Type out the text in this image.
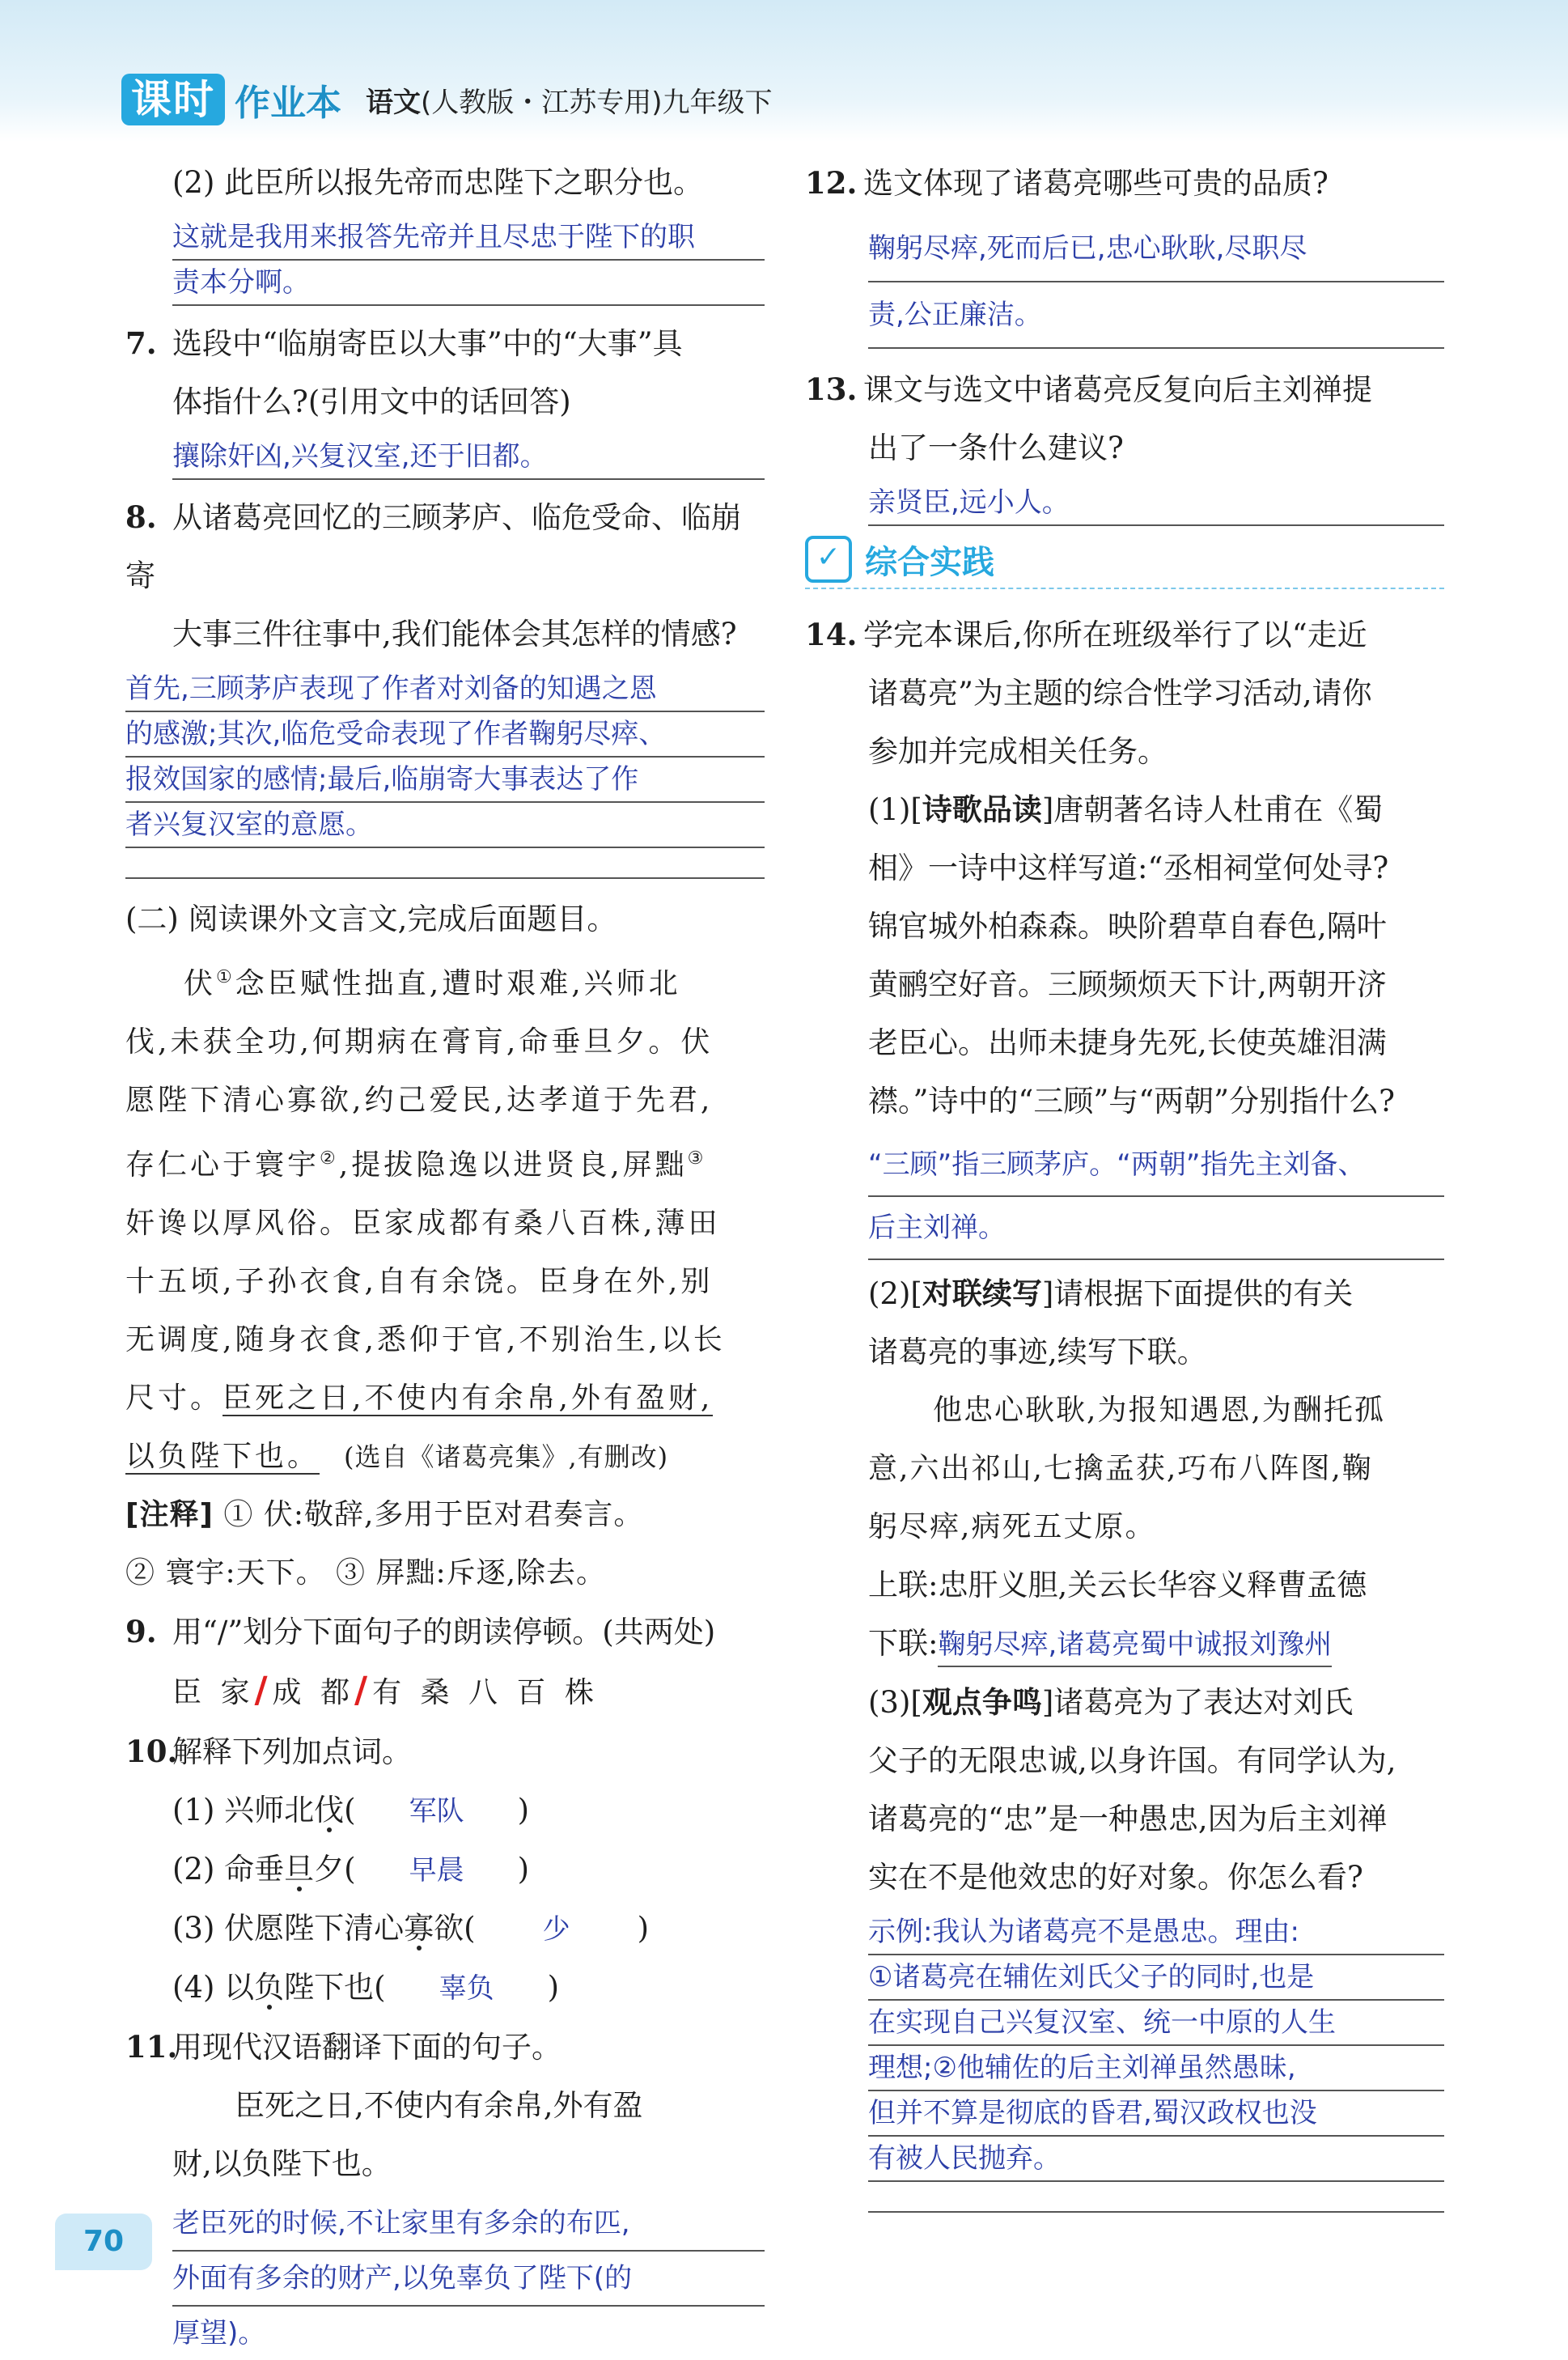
课时 作业本 语文(人教版・江苏专用)九年级下

(2) 此臣所以报先帝而忠陛下之职分也。

这就是我用来报答先帝并且尽忠于陛下的职
责本分啊。

7. 选段中“临崩寄臣以大事”中的“大事”具

体指什么?(引用文中的话回答)

攘除奸凶,兴复汉室,还于旧都。

8. 从诸葛亮回忆的三顾茅庐、临危受命、临崩寄

大事三件往事中,我们能体会其怎样的情感?

首先,三顾茅庐表现了作者对刘备的知遇之恩
的感激;其次,临危受命表现了作者鞠躬尽瘁、
报效国家的感情;最后,临崩寄大事表达了作
者兴复汉室的意愿。

(二) 阅读课外文言文,完成后面题目。

伏①念臣赋性拙直,遭时艰难,兴师北

伐,未获全功,何期病在膏肓,命垂旦夕。伏

愿陛下清心寡欲,约己爱民,达孝道于先君,

存仁心于寰宇②,提拔隐逸以进贤良,屏黜③

奸谗以厚风俗。臣家成都有桑八百株,薄田

十五顷,子孙衣食,自有余饶。臣身在外,别

无调度,随身衣食,悉仰于官,不别治生,以长

尺寸。臣死之日,不使内有余帛,外有盈财,

以负陛下也。 (选自《诸葛亮集》,有删改)

[注释] ① 伏:敬辞,多用于臣对君奏言。

② 寰宇:天下。 ③ 屏黜:斥逐,除去。

9. 用“/”划分下面句子的朗读停顿。(共两处)

臣 家/成 都/有 桑 八 百 株

10.解释下列加点词。

(1) 兴师北伐( 军队 )

(2) 命垂旦夕( 早晨 )

(3) 伏愿陛下清心寡欲( 少 )

(4) 以负陛下也( 辜负 )

11.用现代汉语翻译下面的句子。

臣死之日,不使内有余帛,外有盈

财,以负陛下也。

老臣死的时候,不让家里有多余的布匹,
外面有多余的财产,以免辜负了陛下(的
厚望)。

12. 选文体现了诸葛亮哪些可贵的品质?

鞠躬尽瘁,死而后已,忠心耿耿,尽职尽
责,公正廉洁。

13. 课文与选文中诸葛亮反复向后主刘禅提

出了一条什么建议?

亲贤臣,远小人。
✓ 综合实践

14. 学完本课后,你所在班级举行了以“走近

诸葛亮”为主题的综合性学习活动,请你

参加并完成相关任务。

(1)[诗歌品读]唐朝著名诗人杜甫在《蜀

相》一诗中这样写道:“丞相祠堂何处寻?

锦官城外柏森森。映阶碧草自春色,隔叶

黄鹂空好音。三顾频烦天下计,两朝开济

老臣心。出师未捷身先死,长使英雄泪满

襟。”诗中的“三顾”与“两朝”分别指什么?

“三顾”指三顾茅庐。“两朝”指先主刘备、
后主刘禅。

(2)[对联续写]请根据下面提供的有关

诸葛亮的事迹,续写下联。

他忠心耿耿,为报知遇恩,为酬托孤

意,六出祁山,七擒孟获,巧布八阵图,鞠

躬尽瘁,病死五丈原。

上联:忠肝义胆,关云长华容义释曹孟德

下联:鞠躬尽瘁,诸葛亮蜀中诚报刘豫州

(3)[观点争鸣]诸葛亮为了表达对刘氏

父子的无限忠诚,以身许国。有同学认为,

诸葛亮的“忠”是一种愚忠,因为后主刘禅

实在不是他效忠的好对象。你怎么看?

示例:我认为诸葛亮不是愚忠。理由:
①诸葛亮在辅佐刘氏父子的同时,也是
在实现自己兴复汉室、统一中原的人生
理想;②他辅佐的后主刘禅虽然愚昧,
但并不算是彻底的昏君,蜀汉政权也没
有被人民抛弃。
70
